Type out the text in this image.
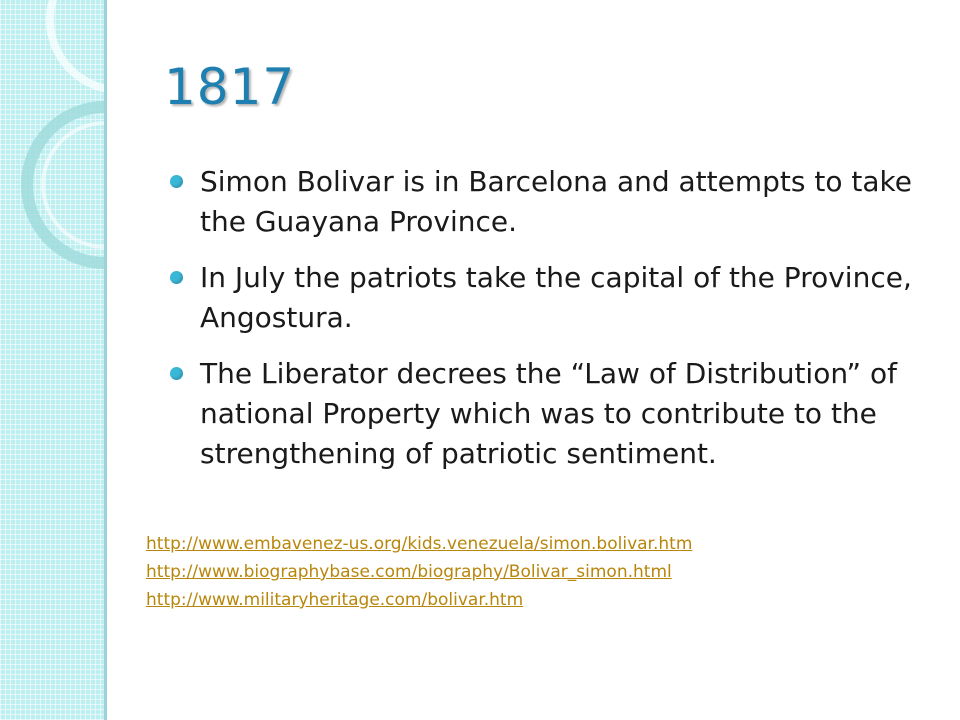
1817
Simon Bolivar is in Barcelona and attempts to take the Guayana Province.
In July the patriots take the capital of the Province, Angostura.
The Liberator decrees the “Law of Distribution” of national Property which was to contribute to the strengthening of patriotic sentiment.
http://www.embavenez-us.org/kids.venezuela/simon.bolivar.htm
http://www.biographybase.com/biography/Bolivar_simon.html
http://www.militaryheritage.com/bolivar.htm
